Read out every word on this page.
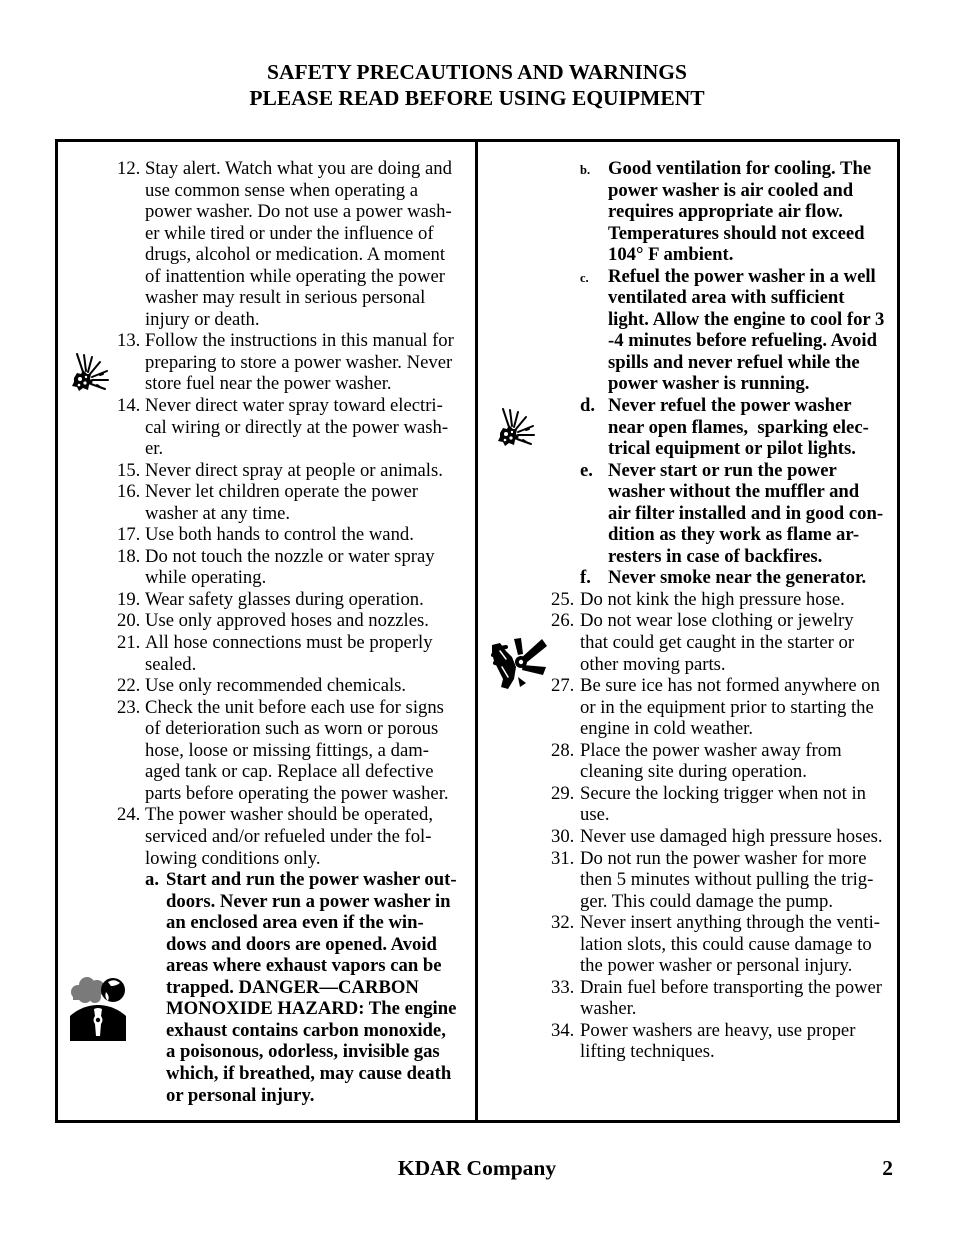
SAFETY PRECAUTIONS AND WARNINGS
PLEASE READ BEFORE USING EQUIPMENT
12. Stay alert. Watch what you are doing and
use common sense when operating a
power washer. Do not use a power wash-
er while tired or under the influence of
drugs, alcohol or medication. A moment
of inattention while operating the power
washer may result in serious personal
injury or death.
13. Follow the instructions in this manual for
preparing to store a power washer. Never
store fuel near the power washer.
14. Never direct water spray toward electri-
cal wiring or directly at the power wash-
er.
15. Never direct spray at people or animals.
16. Never let children operate the power
washer at any time.
17. Use both hands to control the wand.
18. Do not touch the nozzle or water spray
while operating.
19. Wear safety glasses during operation.
20. Use only approved hoses and nozzles.
21. All hose connections must be properly
sealed.
22. Use only recommended chemicals.
23. Check the unit before each use for signs
of deterioration such as worn or porous
hose, loose or missing fittings, a dam-
aged tank or cap. Replace all defective
parts before operating the power washer.
24. The power washer should be operated,
serviced and/or refueled under the fol-
lowing conditions only.
a. Start and run the power washer out-
doors. Never run a power washer in
an enclosed area even if the win-
dows and doors are opened. Avoid
areas where exhaust vapors can be
trapped. DANGER—CARBON
MONOXIDE HAZARD: The engine
exhaust contains carbon monoxide,
a poisonous, odorless, invisible gas
which, if breathed, may cause death
or personal injury.
b. Good ventilation for cooling. The
power washer is air cooled and
requires appropriate air flow.
Temperatures should not exceed
104° F ambient.
c.	Refuel the power washer in a well
ventilated area with sufficient
light. Allow the engine to cool for 3
-4 minutes before refueling. Avoid
spills and never refuel while the
power washer is running.
d. Never refuel the power washer
near open flames,  sparking elec-
trical equipment or pilot lights.
e. Never start or run the power
washer without the muffler and
air filter installed and in good con-
dition as they work as flame ar-
resters in case of backfires.
f. Never smoke near the generator.
25. Do not kink the high pressure hose.
26. Do not wear lose clothing or jewelry
that could get caught in the starter or
other moving parts.
27. Be sure ice has not formed anywhere on
or in the equipment prior to starting the
engine in cold weather.
28. Place the power washer away from
cleaning site during operation.
29. Secure the locking trigger when not in
use.
30. Never use damaged high pressure hoses.
31. Do not run the power washer for more
then 5 minutes without pulling the trig-
ger. This could damage the pump.
32. Never insert anything through the venti-
lation slots, this could cause damage to
the power washer or personal injury.
33. Drain fuel before transporting the power
washer.
34. Power washers are heavy, use proper
lifting techniques.
KDAR Company	2
